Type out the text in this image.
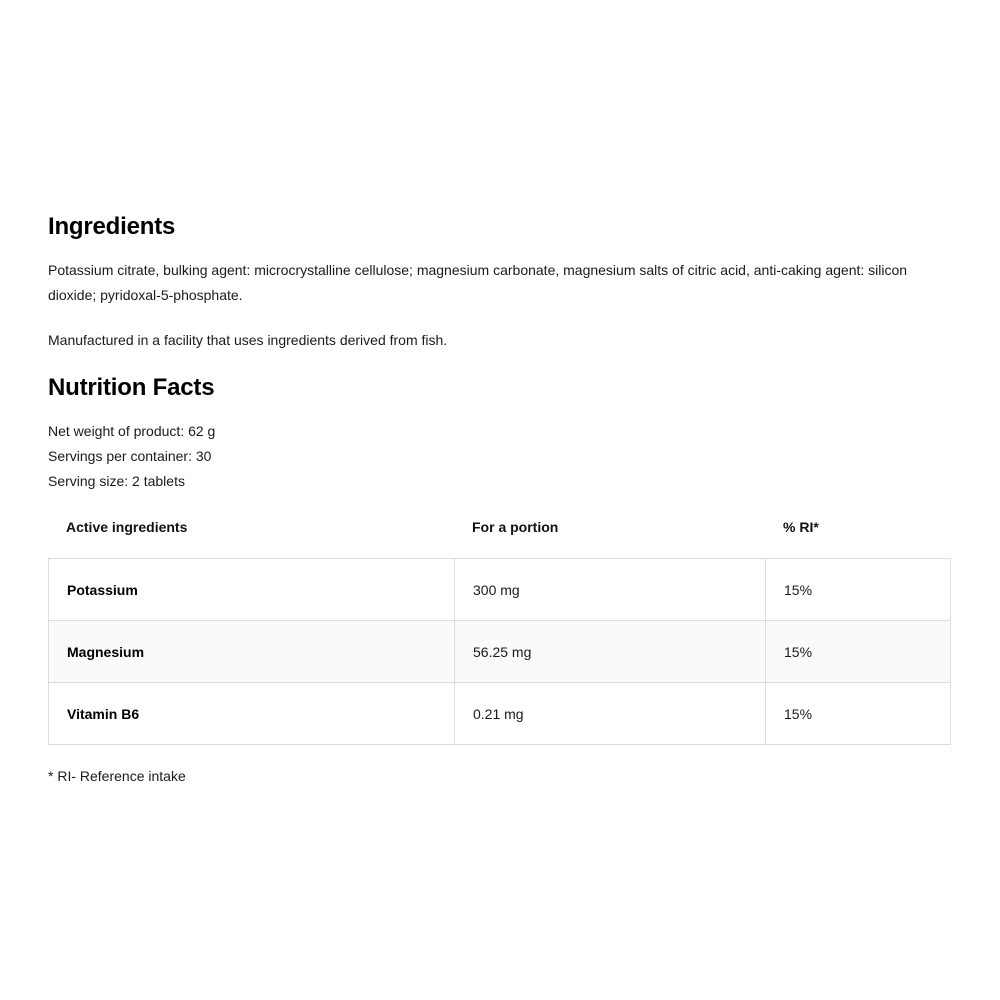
Ingredients

Potassium citrate, bulking agent: microcrystalline cellulose; magnesium carbonate, magnesium salts of citric acid, anti-caking agent: silicon dioxide; pyridoxal-5-phosphate.

Manufactured in a facility that uses ingredients derived from fish.

Nutrition Facts

Net weight of product: 62 g

Servings per container: 30

Serving size: 2 tablets

Active ingredients	For a portion	% RI*
Potassium	300 mg	15%
Magnesium	56.25 mg	15%
Vitamin B6	0.21 mg	15%
* RI- Reference intake
